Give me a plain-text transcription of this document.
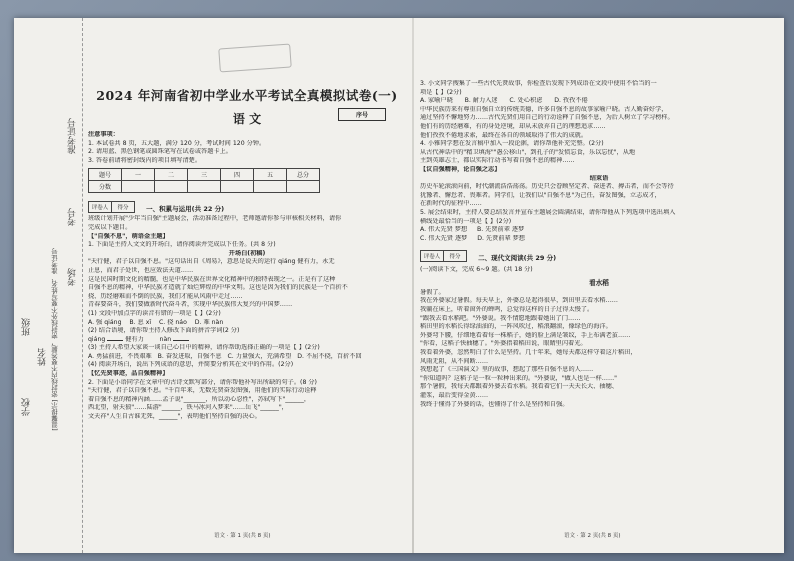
学校
班级
姓名 [温馨提示] 密封线内不要答题，密封线外不要写姓名、准考证号 考场
考号
准考证号
2024 年河南省初中学业水平考试全真模拟试卷(一)
语 文	序号
注意事项：
1. 本试卷共 8 页，五大题，满分 120 分，考试时间 120 分钟。
2. 请用蓝、黑色钢笔或圆珠笔写在试卷或答题卡上。
3. 答卷前请将密封线内的项目填写清楚。
题号	一	二	三	四	五	总分
分数						
评卷人	得分	一、积累与运用(共 22 分)
班级计划开展"少年当自强"主题展会，活动准备过程中，老师邀请你参与审核相关材料，请你
完成以下题目。
【"自强不息"，萌语金主题】
1. 下面是主持人文文的开场白，请你阅读并完成以下任务。(共 8 分)
开场白(初稿)
"天行健，君子以自强不息。"这句话出自《周易》，意思是说天的运行 qiáng 健有力，永无
止息，而君子处世，也应效法天道……
这是民国时期文化的精髓，也是中华民族在世界文化精神中的独特表现之一。正是有了这种
自强不息的精神，中华民族才造就了灿烂辉煌的中华文明。这也是因为我们的民族是一个百折不
挠、历经磨难而不倒的民族，我们才能从风雨中走过……
青春要奋斗，我们要做新时代奋斗者，实现中华民族伟大复兴的中国梦……
(1) 文段中加点字的读音有错的一项是【 】(2分)
A. 强 qiáng B. 息 xī C. 挠 náo D. 难 nàn
(2) 结合语境，请你帮主持人修改下面的拼音字词(2 分)
qiáng	健有力	nàn
(3) 主持人希望大家谈一谈自己心目中的精神，请你帮助选择正确的一项是【 】(2分)
A. 勇猛前进，不畏艰难 B. 奋发进取，自强不息 C. 力量强大，充满希望 D. 不屈不挠，百折不回
(4) 阅读开场白，说出下列成语的意思，并简要分析其在文中的作用。(2分)
【忆先贤事迹，品自强精神】
2. 下面是小语同学在文章中的古诗文默写部分，请你帮他补写出所缺的句子。(8 分)
"天行健，君子以自强不息。"千百年来，无数先贤奋发图强，用他们的实际行动诠释
着自强不息的精神内涵……孟子说"_______，所以动心忍性"，苏轼写下"______，
西北望，射天狼"……陆游"______，铁马冰河入梦来"……岳飞"______"，
文天祥"人生自古谁无死，______"，表明他们坚持自强的决心。
语文 · 第 1 页(共 8 页)
3. 小文同学搜集了一些古代先贤故事，你检查后发现下列成语在文段中使用不恰当的一
项是【 】(2分)
A. 家喻户晓 B. 耐力入迷 C. 处心积虑 D. 孜孜不倦
中华民族历来有尊重自强自立的传统美德，许多自强不息的故事家喻户晓。古人勤奋好学，
通过坚持不懈地努力……古代先贤们用自己的行动诠释了自强不息，为后人树立了学习榜样。
他们有的历经磨难，有的身处逆境，却从未放弃自己的理想追求……
他们孜孜不倦地求索，最终在各自的领域取得了伟大的成就。
4. 小雅同学想在发言稿中加入一段论据，请你帮他补充完整。(2分)
从古代神话中的"精卫填海""愚公移山"，到孔子的"发愤忘食，乐以忘忧"，从地
主到英雄志士，都以实际行动书写着自强不息的精神……
【议自强精神，论自强之志】
结束语
历史车轮滚滚向前，时代潮流浩浩荡荡。历史只会眷顾坚定者、奋进者、搏击者，而不会等待
犹豫者、懈怠者、畏难者。同学们，让我们以"自强不息"为己任，奋发图强，立志成才，
在新时代的征程中……
5. 展会结束时，主持人要总结发言并宣布主题展会圆满结束，请你帮他从下列选项中选出填入
横线处最恰当的一项是【 】(2分)
A. 伟大先贤 梦想 B. 先贤前辈 逐梦
C. 伟大先贤 逐梦 D. 先贤前辈 梦想
评卷人	得分	二、现代文阅读(共 29 分)
(一)阅读下文，完成 6~9 题。(共 18 分)
看水稻
暑假了。
我在外婆家过暑假。每天早上，外婆总是起得很早，到田里去看水稻……
我躺在床上，听着窗外的蝉鸣，总觉得这样的日子过得太慢了。
"跟我去看水稻吧。"外婆说。我不情愿地跟着她出了门……
稻田里的水稻长得绿油油的，一阵风吹过，稻浪翻滚，像绿色的海洋。
外婆弯下腰，仔细地看着每一株稻子，她的脸上满是皱纹，手上布满老茧……
"你看，这稻子快抽穗了。"外婆指着稻田说，眼睛里闪着光。
我看着外婆，忽然明白了什么是坚持。几十年来，她每天都这样守着这片稻田，
风雨无阻，从不间断……
我想起了《三国演义》里的故事，想起了那些自强不息的人……
"你知道吗？这稻子是一粒一粒种出来的。"外婆说，"做人也是一样……"
那个暑假，我每天都跟着外婆去看水稻。我看着它们一天天长大、抽穗、
灌浆，最后变得金黄……
我终于懂得了外婆的话，也懂得了什么是坚持和自强。
语文 · 第 2 页(共 8 页)
